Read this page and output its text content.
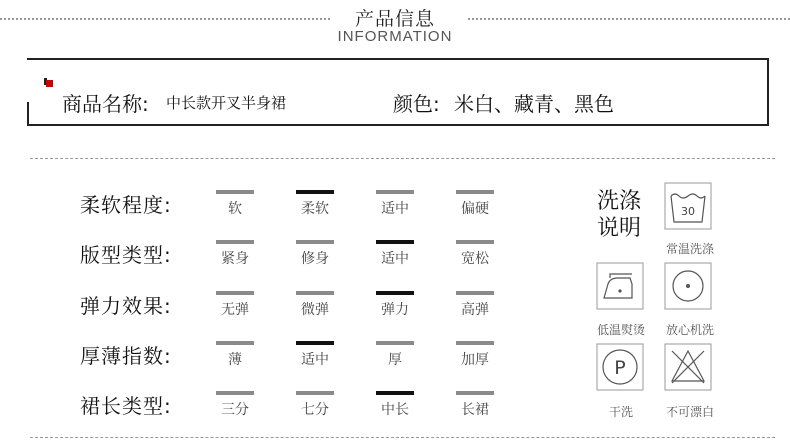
产品信息
INFORMATION
商品名称: 中长款开叉半身裙	颜色: 米白、藏青、黑色
柔软程度:	软	柔软	适中	偏硬
版型类型:	紧身	修身	适中	宽松
弹力效果:	无弹	微弹	弹力	高弹
厚薄指数:	薄	适中	厚	加厚
裙长类型:	三分	七分	中长	长裙
洗涤
说明
30
常温洗涤
低温熨烫	放心机洗
P
干洗	不可漂白
